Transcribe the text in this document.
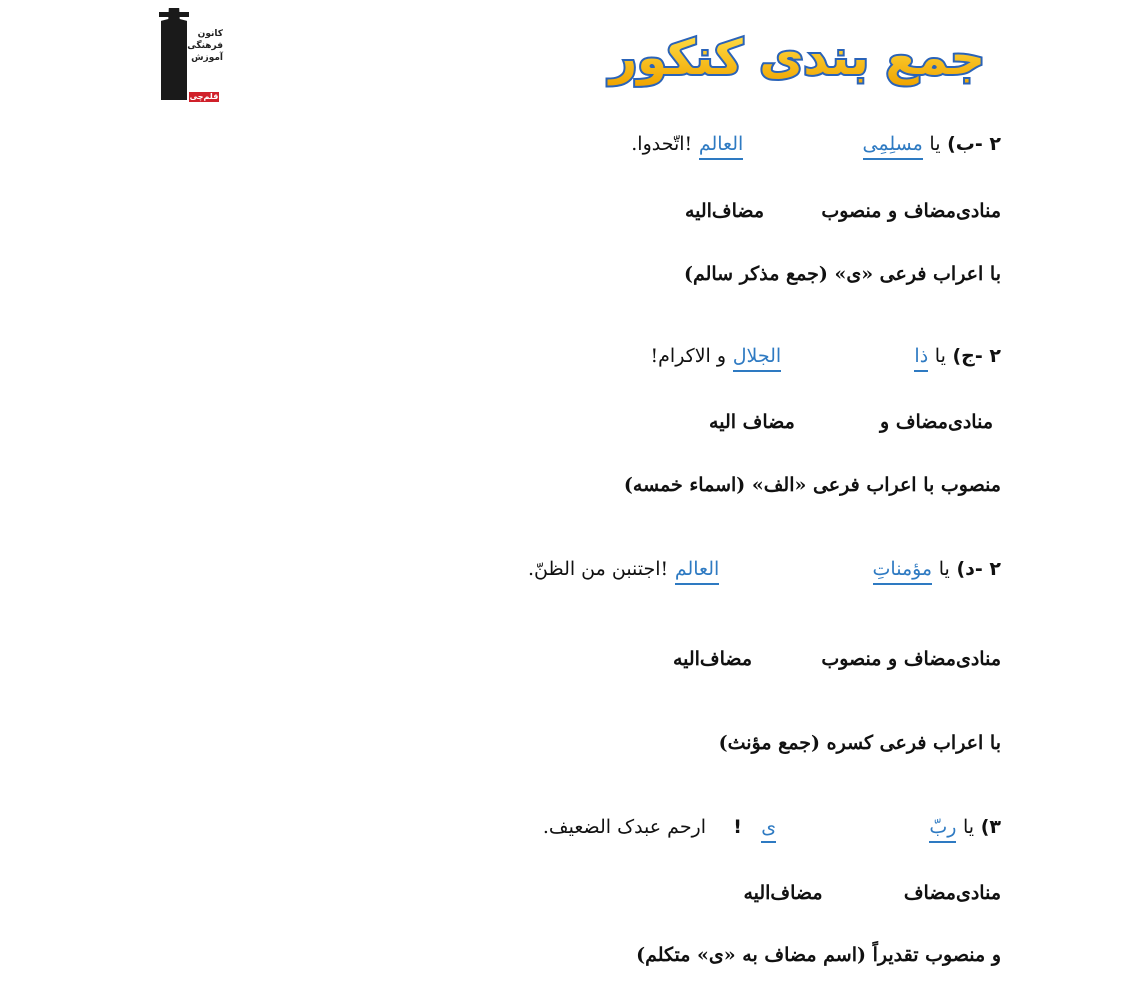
کانون
فرهنگی
آموزش
قلم‌چی
جمع بندی کنکور
۲ -ب) یا مسلِمِی  العالم !اتّحدوا.
منادی‌مضاف و منصوب  مضاف‌الیه
با اعراب فرعی «ی» (جمع مذکر سالم)
۲ -ج) یا ذا  الجلال و الاکرام!
منادی‌مضاف و  مضاف الیه
منصوب با اعراب فرعی «الف» (اسماء خمسه)
۲ -د) یا مؤمناتِ  العالم !اجتنبن من الظنّ.
منادی‌مضاف و منصوب  مضاف‌الیه
با اعراب فرعی کسره (جمع مؤنث)
۳) یا ربّ  ی  !  ارحم عبدک الضعیف.
منادی‌مضاف  مضاف‌الیه
و منصوب تقدیراً (اسم مضاف به «ی» متکلم)
